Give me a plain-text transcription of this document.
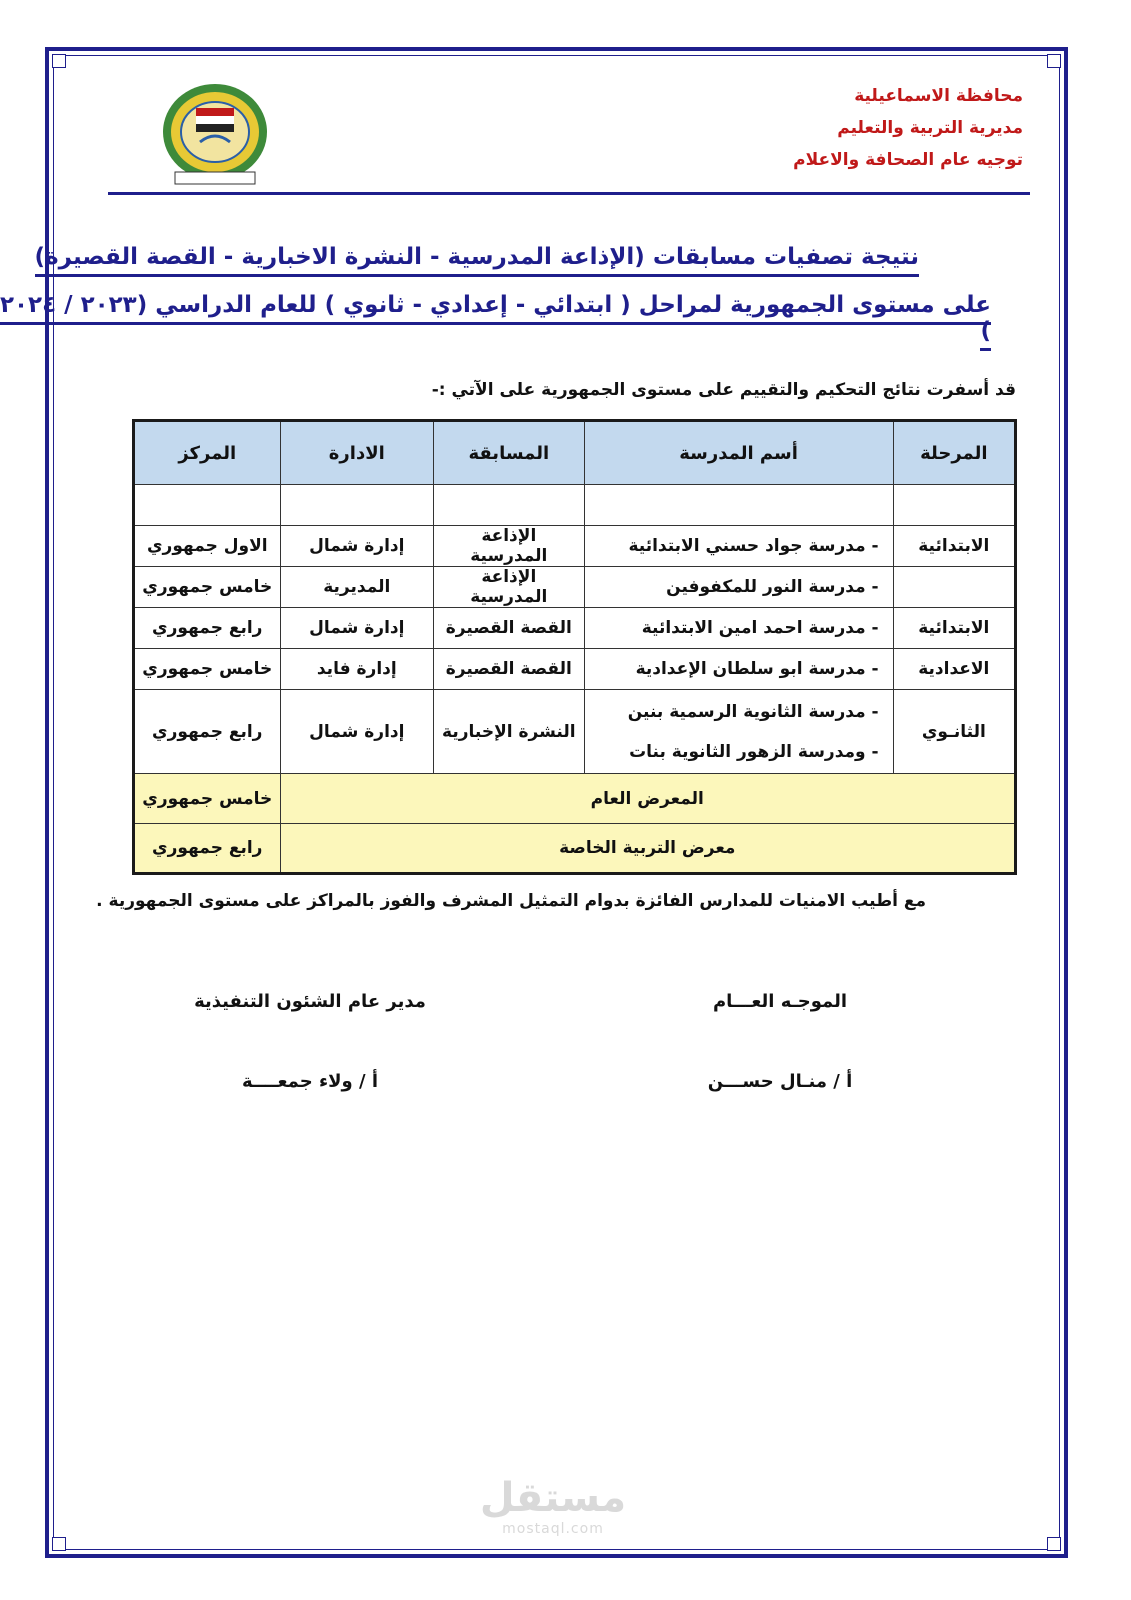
محافظة الاسماعيلية
مديرية التربية والتعليم
توجيه عام الصحافة والاعلام
نتيجة تصفيات مسابقات (الإذاعة المدرسية - النشرة الاخبارية - القصة القصيرة)
على مستوى الجمهورية لمراحل ( ابتدائي - إعدادي - ثانوي ) للعام الدراسي (٢٠٢٣ / ٢٠٢٤ )
قد أسفرت نتائج التحكيم والتقييم على مستوى الجمهورية على الآتي :-
المرحلة	أسم المدرسة	المسابقة	الادارة	المركز

الابتدائية	- مدرسة جواد حسني الابتدائية	الإذاعة المدرسية	إدارة شمال	الاول جمهوري
	- مدرسة النور للمكفوفين	الإذاعة المدرسية	المديرية	خامس جمهوري
الابتدائية	- مدرسة احمد امين الابتدائية	القصة القصيرة	إدارة شمال	رابع جمهوري
الاعدادية	- مدرسة ابو سلطان الإعدادية	القصة القصيرة	إدارة فايد	خامس جمهوري
الثانـوي	- مدرسة الثانوية الرسمية بنين
- ومدرسة الزهور الثانوية بنات	النشرة الإخبارية	إدارة شمال	رابع جمهوري
المعرض العام				خامس جمهوري
معرض التربية الخاصة				رابع جمهوري
مع أطيب الامنيات للمدارس الفائزة بدوام التمثيل المشرف والفوز بالمراكز على مستوى الجمهورية .
الموجـه العـــام
أ / منـال حســـن
مدير عام الشئون التنفيذية
أ / ولاء جمعــــة
مستقل
mostaql.com
